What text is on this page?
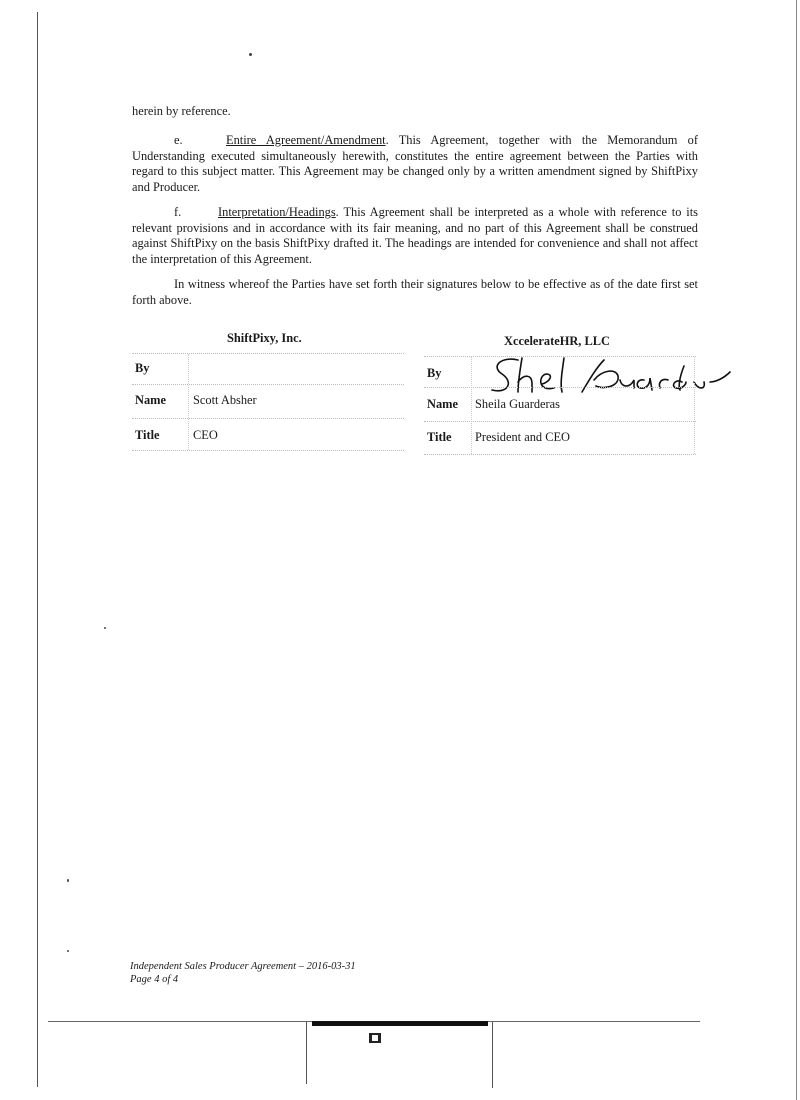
herein by reference.

e.	Entire Agreement/Amendment. This Agreement, together with the Memorandum of Understanding executed simultaneously herewith, constitutes the entire agreement between the Parties with regard to this subject matter. This Agreement may be changed only by a written amendment signed by ShiftPixy and Producer.

f.	Interpretation/Headings. This Agreement shall be interpreted as a whole with reference to its relevant provisions and in accordance with its fair meaning, and no part of this Agreement shall be construed against ShiftPixy on the basis ShiftPixy drafted it. The headings are intended for convenience and shall not affect the interpretation of this Agreement.

In witness whereof the Parties have set forth their signatures below to be effective as of the date first set forth above.

ShiftPixy, Inc.
By
Name Scott Absher
Title	CEO
XccelerateHR, LLC
By
Name Sheila Guarderas
Title President and CEO
Independent Sales Producer Agreement – 2016-03-31
Page 4 of 4
